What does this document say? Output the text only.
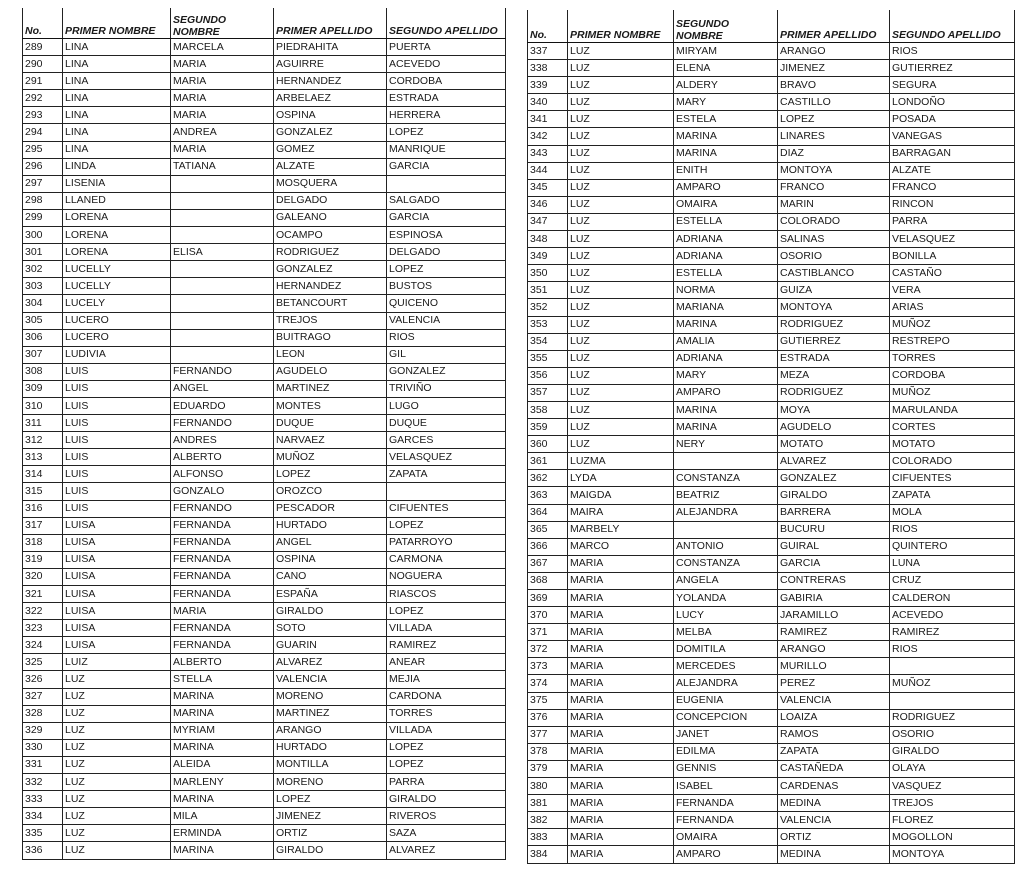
No.	PRIMER NOMBRE	SEGUNDO NOMBRE	PRIMER APELLIDO	SEGUNDO APELLIDO
289	LINA	MARCELA	PIEDRAHITA	PUERTA
290	LINA	MARIA	AGUIRRE	ACEVEDO
291	LINA	MARIA	HERNANDEZ	CORDOBA
292	LINA	MARIA	ARBELAEZ	ESTRADA
293	LINA	MARIA	OSPINA	HERRERA
294	LINA	ANDREA	GONZALEZ	LOPEZ
295	LINA	MARIA	GOMEZ	MANRIQUE
296	LINDA	TATIANA	ALZATE	GARCIA
297	LISENIA		MOSQUERA	
298	LLANED		DELGADO	SALGADO
299	LORENA		GALEANO	GARCIA
300	LORENA		OCAMPO	ESPINOSA
301	LORENA	ELISA	RODRIGUEZ	DELGADO
302	LUCELLY		GONZALEZ	LOPEZ
303	LUCELLY		HERNANDEZ	BUSTOS
304	LUCELY		BETANCOURT	QUICENO
305	LUCERO		TREJOS	VALENCIA
306	LUCERO		BUITRAGO	RIOS
307	LUDIVIA		LEON	GIL
308	LUIS	FERNANDO	AGUDELO	GONZALEZ
309	LUIS	ANGEL	MARTINEZ	TRIVIÑO
310	LUIS	EDUARDO	MONTES	LUGO
311	LUIS	FERNANDO	DUQUE	DUQUE
312	LUIS	ANDRES	NARVAEZ	GARCES
313	LUIS	ALBERTO	MUÑOZ	VELASQUEZ
314	LUIS	ALFONSO	LOPEZ	ZAPATA
315	LUIS	GONZALO	OROZCO	
316	LUIS	FERNANDO	PESCADOR	CIFUENTES
317	LUISA	FERNANDA	HURTADO	LOPEZ
318	LUISA	FERNANDA	ANGEL	PATARROYO
319	LUISA	FERNANDA	OSPINA	CARMONA
320	LUISA	FERNANDA	CANO	NOGUERA
321	LUISA	FERNANDA	ESPAÑA	RIASCOS
322	LUISA	MARIA	GIRALDO	LOPEZ
323	LUISA	FERNANDA	SOTO	VILLADA
324	LUISA	FERNANDA	GUARIN	RAMIREZ
325	LUIZ	ALBERTO	ALVAREZ	ANEAR
326	LUZ	STELLA	VALENCIA	MEJIA
327	LUZ	MARINA	MORENO	CARDONA
328	LUZ	MARINA	MARTINEZ	TORRES
329	LUZ	MYRIAM	ARANGO	VILLADA
330	LUZ	MARINA	HURTADO	LOPEZ
331	LUZ	ALEIDA	MONTILLA	LOPEZ
332	LUZ	MARLENY	MORENO	PARRA
333	LUZ	MARINA	LOPEZ	GIRALDO
334	LUZ	MILA	JIMENEZ	RIVEROS
335	LUZ	ERMINDA	ORTIZ	SAZA
336	LUZ	MARINA	GIRALDO	ALVAREZ
No.	PRIMER NOMBRE	SEGUNDO NOMBRE	PRIMER APELLIDO	SEGUNDO APELLIDO
337	LUZ	MIRYAM	ARANGO	RIOS
338	LUZ	ELENA	JIMENEZ	GUTIERREZ
339	LUZ	ALDERY	BRAVO	SEGURA
340	LUZ	MARY	CASTILLO	LONDOÑO
341	LUZ	ESTELA	LOPEZ	POSADA
342	LUZ	MARINA	LINARES	VANEGAS
343	LUZ	MARINA	DIAZ	BARRAGAN
344	LUZ	ENITH	MONTOYA	ALZATE
345	LUZ	AMPARO	FRANCO	FRANCO
346	LUZ	OMAIRA	MARIN	RINCON
347	LUZ	ESTELLA	COLORADO	PARRA
348	LUZ	ADRIANA	SALINAS	VELASQUEZ
349	LUZ	ADRIANA	OSORIO	BONILLA
350	LUZ	ESTELLA	CASTIBLANCO	CASTAÑO
351	LUZ	NORMA	GUIZA	VERA
352	LUZ	MARIANA	MONTOYA	ARIAS
353	LUZ	MARINA	RODRIGUEZ	MUÑOZ
354	LUZ	AMALIA	GUTIERREZ	RESTREPO
355	LUZ	ADRIANA	ESTRADA	TORRES
356	LUZ	MARY	MEZA	CORDOBA
357	LUZ	AMPARO	RODRIGUEZ	MUÑOZ
358	LUZ	MARINA	MOYA	MARULANDA
359	LUZ	MARINA	AGUDELO	CORTES
360	LUZ	NERY	MOTATO	MOTATO
361	LUZMA		ALVAREZ	COLORADO
362	LYDA	CONSTANZA	GONZALEZ	CIFUENTES
363	MAIGDA	BEATRIZ	GIRALDO	ZAPATA
364	MAIRA	ALEJANDRA	BARRERA	MOLA
365	MARBELY		BUCURU	RIOS
366	MARCO	ANTONIO	GUIRAL	QUINTERO
367	MARIA	CONSTANZA	GARCIA	LUNA
368	MARIA	ANGELA	CONTRERAS	CRUZ
369	MARIA	YOLANDA	GABIRIA	CALDERON
370	MARIA	LUCY	JARAMILLO	ACEVEDO
371	MARIA	MELBA	RAMIREZ	RAMIREZ
372	MARIA	DOMITILA	ARANGO	RIOS
373	MARIA	MERCEDES	MURILLO	
374	MARIA	ALEJANDRA	PEREZ	MUÑOZ
375	MARIA	EUGENIA	VALENCIA	
376	MARIA	CONCEPCION	LOAIZA	RODRIGUEZ
377	MARIA	JANET	RAMOS	OSORIO
378	MARIA	EDILMA	ZAPATA	GIRALDO
379	MARIA	GENNIS	CASTAÑEDA	OLAYA
380	MARIA	ISABEL	CARDENAS	VASQUEZ
381	MARIA	FERNANDA	MEDINA	TREJOS
382	MARIA	FERNANDA	VALENCIA	FLOREZ
383	MARIA	OMAIRA	ORTIZ	MOGOLLON
384	MARIA	AMPARO	MEDINA	MONTOYA
